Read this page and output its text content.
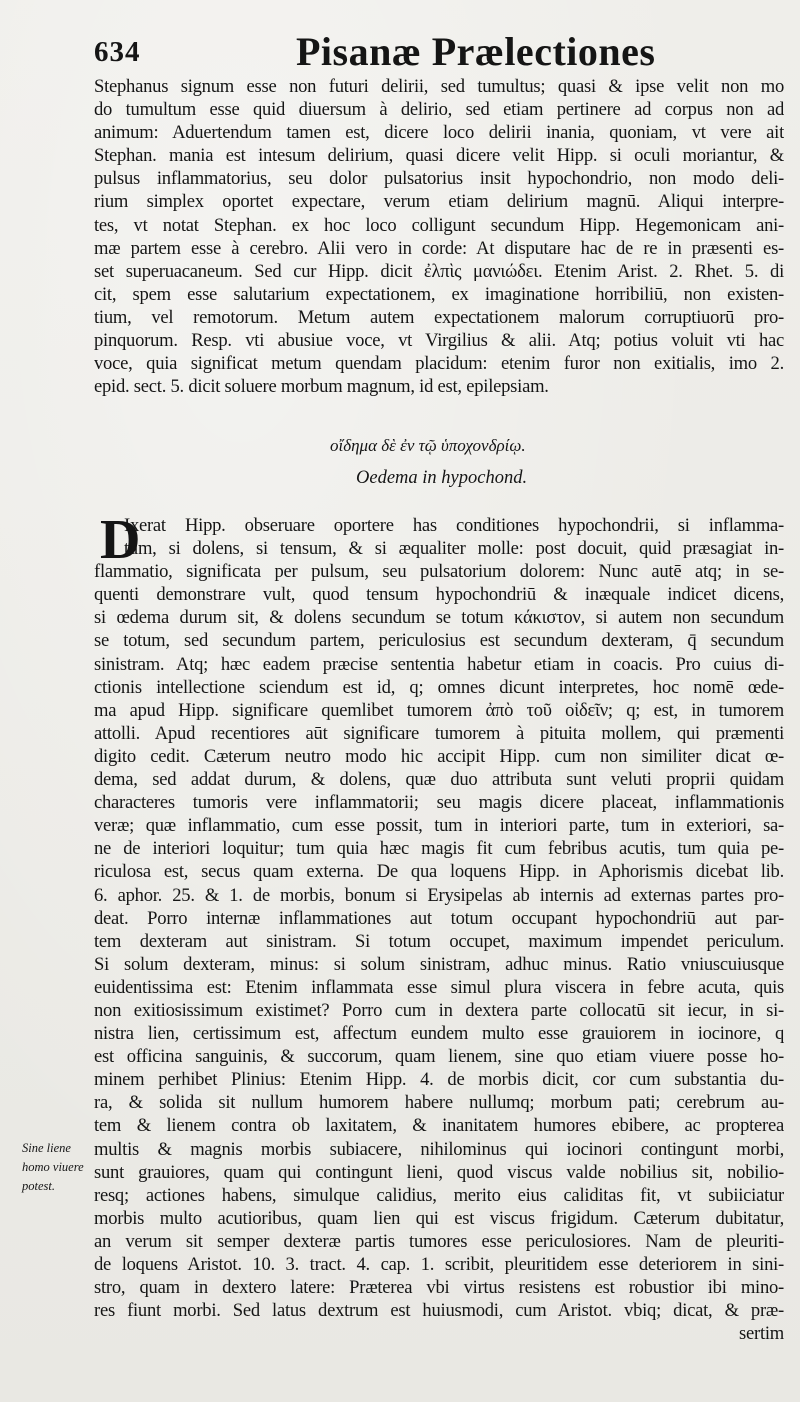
634	Pisanæ Prælectiones
Stephanus signum esse non futuri delirii, sed tumultus; quasi & ipse velit non mo
do tumultum esse quid diuersum à delirio, sed etiam pertinere ad corpus non ad
animum: Aduertendum tamen est, dicere loco delirii inania, quoniam, vt vere ait
Stephan. mania est intesum delirium, quasi dicere velit Hipp. si oculi moriantur, &
pulsus inflammatorius, seu dolor pulsatorius insit hypochondrio, non modo deli-
rium simplex oportet expectare, verum etiam delirium magnū. Aliqui interpre-
tes, vt notat Stephan. ex hoc loco colligunt secundum Hipp. Hegemonicam ani-
mæ partem esse à cerebro. Alii vero in corde: At disputare hac de re in præsenti es-
set superuacaneum. Sed cur Hipp. dicit ἐλπὶς μανιώδει. Etenim Arist. 2. Rhet. 5. di
cit, spem esse salutarium expectationem, ex imaginatione horribiliū, non existen-
tium, vel remotorum. Metum autem expectationem malorum corruptiuorū pro-
pinquorum. Resp. vti abusiue voce, vt Virgilius & alii. Atq; potius voluit vti hac
voce, quia significat metum quendam placidum: etenim furor non exitialis, imo 2.
epid. sect. 5. dicit soluere morbum magnum, id est, epilepsiam.
οἴδημα δὲ ἐν τῷ ὑποχονδρίῳ.
Oedema in hypochond.
D
Ixerat Hipp. obseruare oportere has conditiones hypochondrii, si inflamma-
tum, si dolens, si tensum, & si æqualiter molle: post docuit, quid præsagiat in-
flammatio, significata per pulsum, seu pulsatorium dolorem: Nunc autē atq; in se-
quenti demonstrare vult, quod tensum hypochondriū & inæquale indicet dicens,
si œdema durum sit, & dolens secundum se totum κάκιστον, si autem non secundum
se totum, sed secundum partem, periculosius est secundum dexteram, q̄ secundum
sinistram. Atq; hæc eadem præcise sententia habetur etiam in coacis. Pro cuius di-
ctionis intellectione sciendum est id, q; omnes dicunt interpretes, hoc nomē œde-
ma apud Hipp. significare quemlibet tumorem ἀπὸ τοῦ οἰδεῖν; q; est, in tumorem
attolli. Apud recentiores aūt significare tumorem à pituita mollem, qui præmenti
digito cedit. Cæterum neutro modo hic accipit Hipp. cum non similiter dicat œ-
dema, sed addat durum, & dolens, quæ duo attributa sunt veluti proprii quidam
characteres tumoris vere inflammatorii; seu magis dicere placeat, inflammationis
veræ; quæ inflammatio, cum esse possit, tum in interiori parte, tum in exteriori, sa-
ne de interiori loquitur; tum quia hæc magis fit cum febribus acutis, tum quia pe-
riculosa est, secus quam externa. De qua loquens Hipp. in Aphorismis dicebat lib.
6. aphor. 25. & 1. de morbis, bonum si Erysipelas ab internis ad externas partes pro-
deat. Porro internæ inflammationes aut totum occupant hypochondriū aut par-
tem dexteram aut sinistram. Si totum occupet, maximum impendet periculum.
Si solum dexteram, minus: si solum sinistram, adhuc minus. Ratio vniuscuiusque
euidentissima est: Etenim inflammata esse simul plura viscera in febre acuta, quis
non exitiosissimum existimet? Porro cum in dextera parte collocatū sit iecur, in si-
nistra lien, certissimum est, affectum eundem multo esse grauiorem in iocinore, q
est officina sanguinis, & succorum, quam lienem, sine quo etiam viuere posse ho-
minem perhibet Plinius: Etenim Hipp. 4. de morbis dicit, cor cum substantia du-
ra, & solida sit nullum humorem habere nullumq; morbum pati; cerebrum au-
tem & lienem contra ob laxitatem, & inanitatem humores ebibere, ac propterea
multis & magnis morbis subiacere, nihilominus qui iocinori contingunt morbi,
sunt grauiores, quam qui contingunt lieni, quod viscus valde nobilius sit, nobilio-
resq; actiones habens, simulque calidius, merito eius caliditas fit, vt subiiciatur
morbis multo acutioribus, quam lien qui est viscus frigidum. Cæterum dubitatur,
an verum sit semper dexteræ partis tumores esse periculosiores. Nam de pleuriti-
de loquens Aristot. 10. 3. tract. 4. cap. 1. scribit, pleuritidem esse deteriorem in sini-
stro, quam in dextero latere: Præterea vbi virtus resistens est robustior ibi mino-
res fiunt morbi. Sed latus dextrum est huiusmodi, cum Aristot. vbiq; dicat, & præ-
sertim
Sine liene
homo viuere
potest.
